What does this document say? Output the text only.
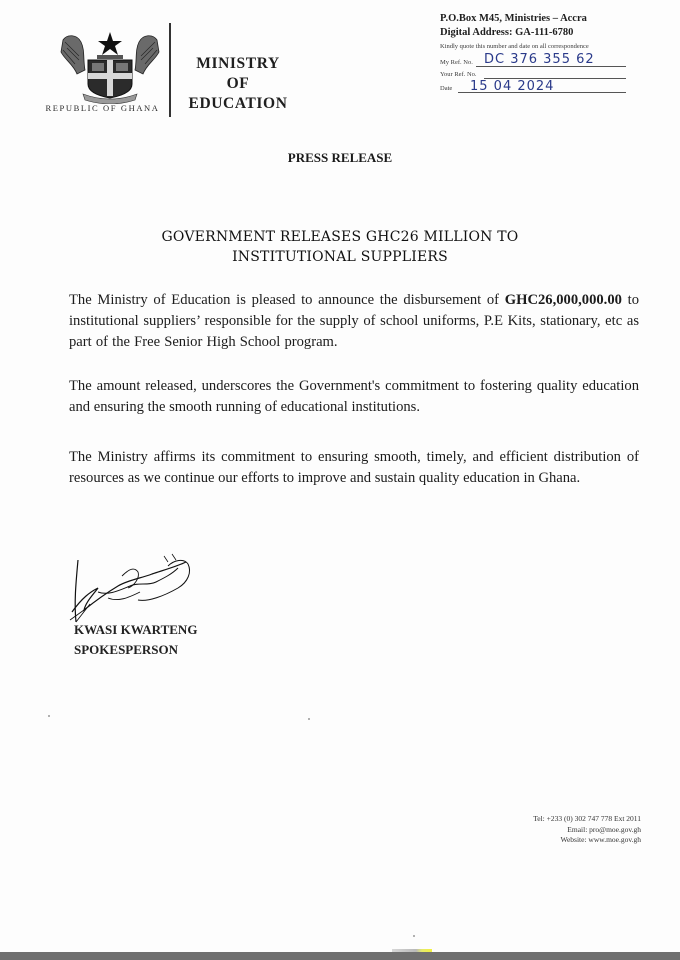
REPUBLIC OF GHANA
MINISTRY
OF
EDUCATION
P.O.Box M45, Ministries – Accra
Digital Address: GA-111-6780
Kindly quote this number and date on all correspondence
My Ref. No. DC 376 355 62
Your Ref. No.
Date 15 04 2024
PRESS RELEASE
GOVERNMENT RELEASES GHC26 MILLION TO
INSTITUTIONAL SUPPLIERS
The Ministry of Education is pleased to announce the disbursement of GHC26,000,000.00 to institutional suppliers’ responsible for the supply of school uniforms, P.E Kits, stationary, etc as part of the Free Senior High School program.
The amount released, underscores the Government's commitment to fostering quality education and ensuring the smooth running of educational institutions.
The Ministry affirms its commitment to ensuring smooth, timely, and efficient distribution of resources as we continue our efforts to improve and sustain quality education in Ghana.
KWASI KWARTENG
SPOKESPERSON
Tel: +233 (0) 302 747 778 Ext 2011
Email: pro@moe.gov.gh
Website: www.moe.gov.gh
